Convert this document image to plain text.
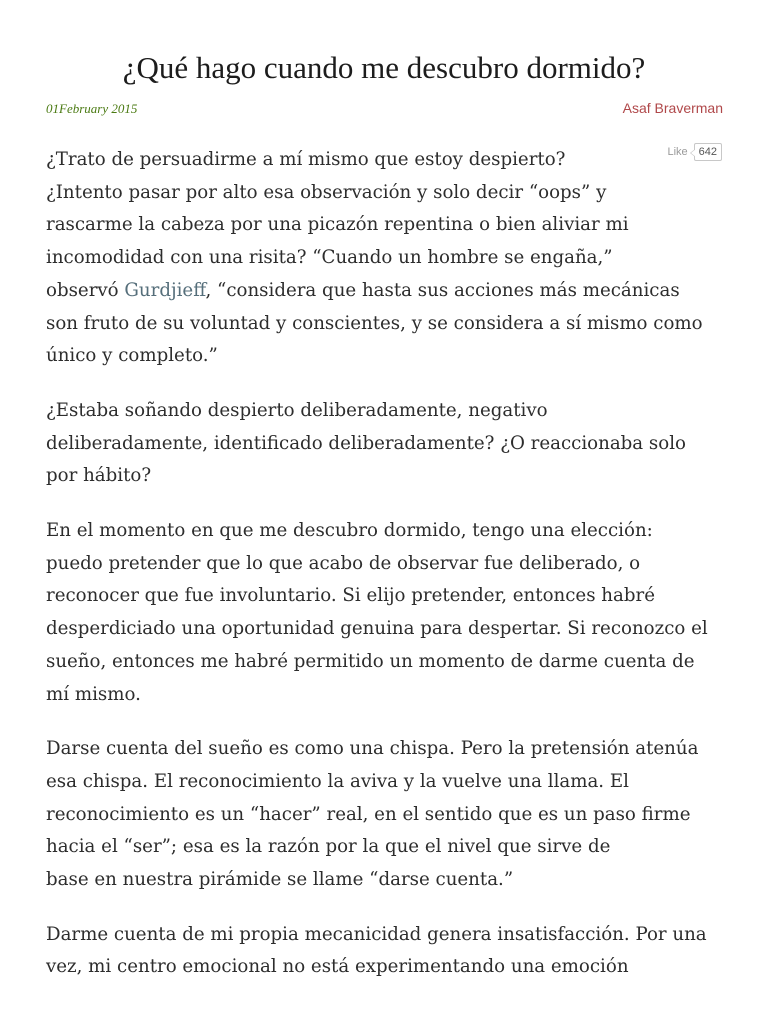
¿Qué hago cuando me descubro dormido?
01February 2015	Asaf Braverman
Like	642

¿Trato de persuadirme a mí mismo que estoy despierto?
¿Intento pasar por alto esa observación y solo decir “oops” y
rascarme la cabeza por una picazón repentina o bien aliviar mi
incomodidad con una risita? “Cuando un hombre se engaña,”
observó Gurdjieff, “considera que hasta sus acciones más mecánicas
son fruto de su voluntad y conscientes, y se considera a sí mismo como
único y completo.”

¿Estaba soñando despierto deliberadamente, negativo
deliberadamente, identificado deliberadamente? ¿O reaccionaba solo
por hábito?

En el momento en que me descubro dormido, tengo una elección:
puedo pretender que lo que acabo de observar fue deliberado, o
reconocer que fue involuntario. Si elijo pretender, entonces habré
desperdiciado una oportunidad genuina para despertar. Si reconozco el
sueño, entonces me habré permitido un momento de darme cuenta de
mí mismo.

Darse cuenta del sueño es como una chispa. Pero la pretensión atenúa
esa chispa. El reconocimiento la aviva y la vuelve una llama. El
reconocimiento es un “hacer” real, en el sentido que es un paso firme
hacia el “ser”; esa es la razón por la que el nivel que sirve de
base en nuestra pirámide se llame “darse cuenta.”

Darme cuenta de mi propia mecanicidad genera insatisfacción. Por una
vez, mi centro emocional no está experimentando una emoción
